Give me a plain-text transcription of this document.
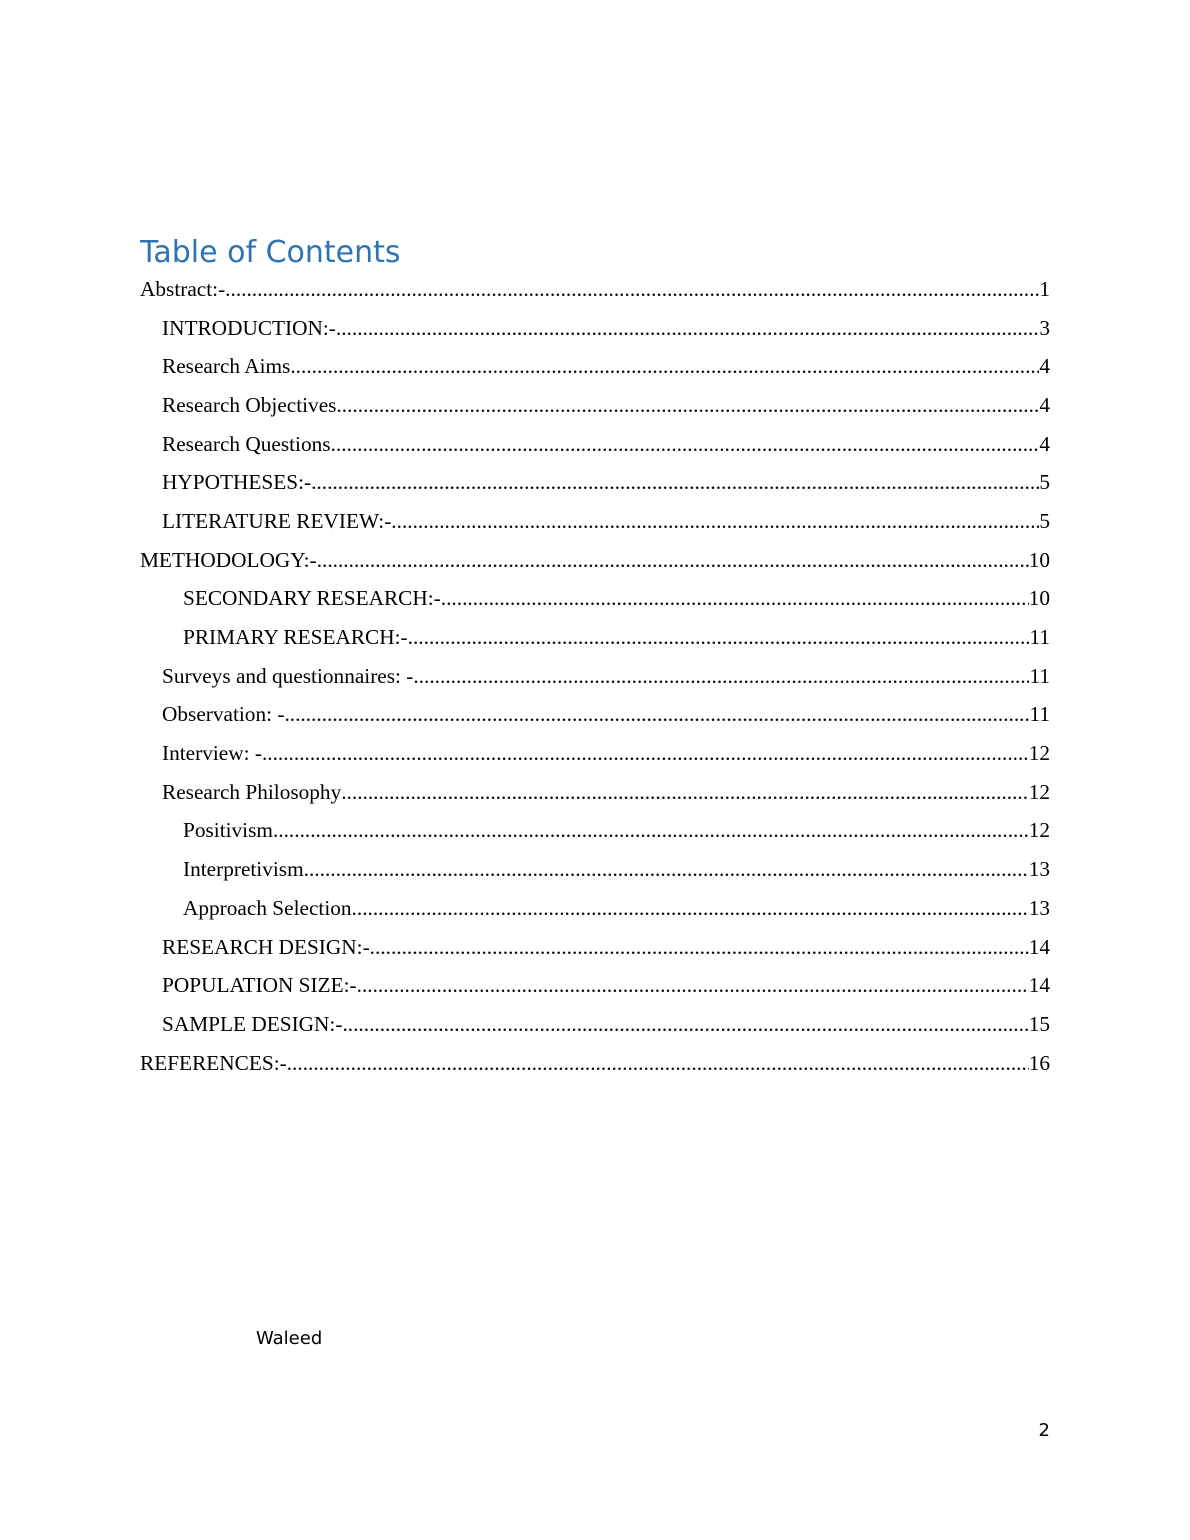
Table of Contents
Abstract:- .....	1
INTRODUCTION:- .....	3
Research Aims .....	4
Research Objectives .....	4
Research Questions .....	4
HYPOTHESES:- .....	5
LITERATURE REVIEW:- .....	5
METHODOLOGY:- .....	10
SECONDARY RESEARCH:- .....	10
PRIMARY RESEARCH:- .....	11
Surveys and questionnaires: - .....	11
Observation: - .....	11
Interview: - .....	12
Research Philosophy .....	12
Positivism .....	12
Interpretivism .....	13
Approach Selection .....	13
RESEARCH DESIGN:- .....	14
POPULATION SIZE:- .....	14
SAMPLE DESIGN:- .....	15
REFERENCES:- .....	16
Waleed
2
